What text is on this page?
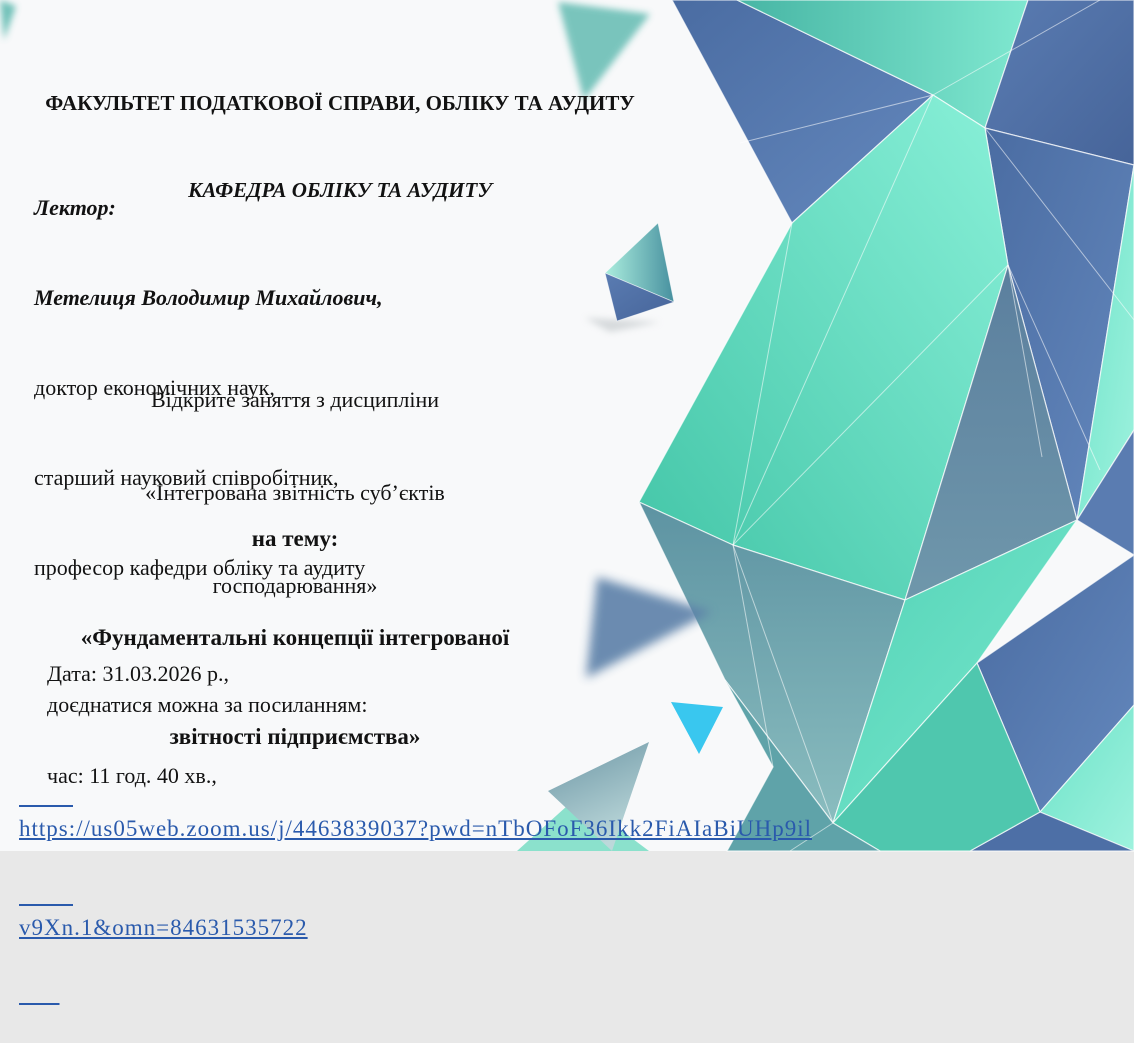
ФАКУЛЬТЕТ ПОДАТКОВОЇ СПРАВИ, ОБЛІКУ ТА АУДИТУ

КАФЕДРА ОБЛІКУ ТА АУДИТУ

Лектор:

Метелиця Володимир Михайлович,

доктор економічних наук,

старший науковий співробітник,

професор кафедри обліку та аудиту

Відкрите заняття з дисципліни

«Інтегрована звітність суб’єктів

господарювання»

на тему:

«Фундаментальні концепції інтегрованої

звітності підприємства»

Дата: 31.03.2026 р.,

час: 11 год. 40 хв.,

доєднатися можна за посиланням:

https://us05web.zoom.us/j/4463839037?pwd=nTbOFoF36Ikk2FiAIaBiUHp9il

v9Xn.1&omn=84631535722
